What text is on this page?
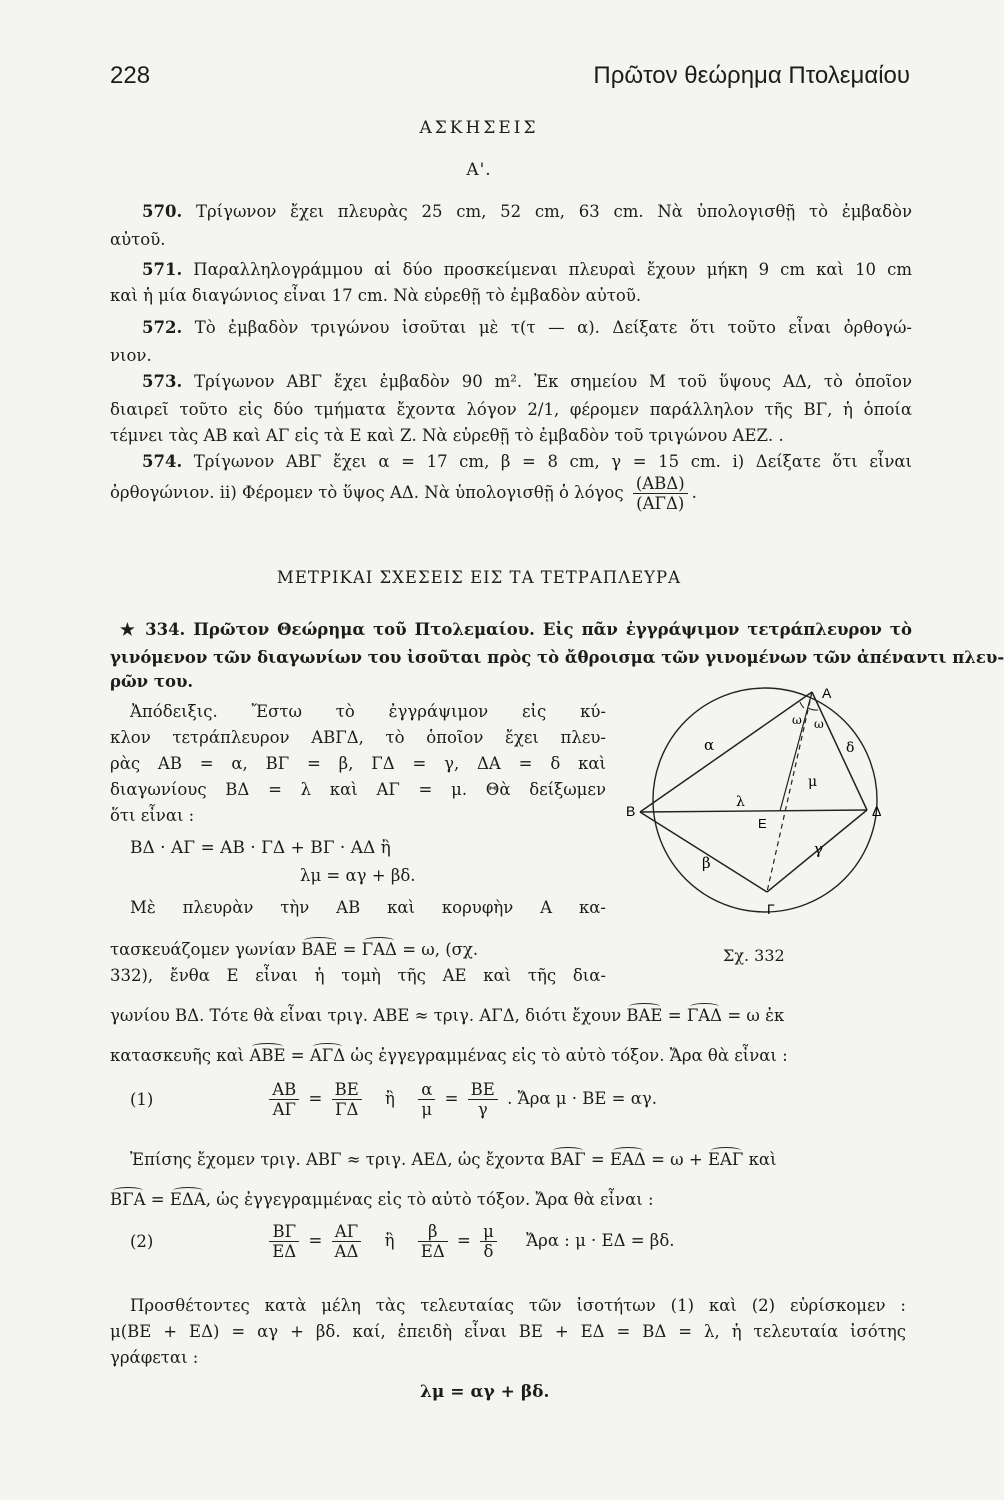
228	Πρῶτον θεώρημα Πτολεμαίου
ΑΣΚΗΣΕΙΣ
Α'.
570. Τρίγωνον ἔχει πλευρὰς 25 cm, 52 cm, 63 cm. Νὰ ὑπολογισθῇ τὸ ἐμβαδὸν
αὐτοῦ.
571. Παραλληλογράμμου αἱ δύο προσκείμεναι πλευραὶ ἔχουν μήκη 9 cm καὶ 10 cm
καὶ ἡ μία διαγώνιος εἶναι 17 cm. Νὰ εὑρεθῇ τὸ ἐμβαδὸν αὐτοῦ.
572. Τὸ ἐμβαδὸν τριγώνου ἰσοῦται μὲ τ(τ — α). Δείξατε ὅτι τοῦτο εἶναι ὀρθογώ-
νιον.
573. Τρίγωνον ΑΒΓ ἔχει ἐμβαδὸν 90 m². Ἐκ σημείου Μ τοῦ ὕψους ΑΔ, τὸ ὁποῖον
διαιρεῖ τοῦτο εἰς δύο τμήματα ἔχοντα λόγον 2/1, φέρομεν παράλληλον τῆς ΒΓ, ἡ ὁποία
τέμνει τὰς ΑΒ καὶ ΑΓ εἰς τὰ Ε καὶ Ζ. Νὰ εὑρεθῇ τὸ ἐμβαδὸν τοῦ τριγώνου ΑΕΖ. .
574. Τρίγωνον ΑΒΓ ἔχει α = 17 cm, β = 8 cm, γ = 15 cm. i) Δείξατε ὅτι εἶναι
ὀρθογώνιον. ii) Φέρομεν τὸ ὕψος ΑΔ. Νὰ ὑπολογισθῇ ὁ λόγος $\frac{\text{(ΑΒΔ)}}{\text{(ΑΓΔ)}}$ .
ΜΕΤΡΙΚΑΙ ΣΧΕΣΕΙΣ ΕΙΣ ΤΑ ΤΕΤΡΑΠΛΕΥΡΑ
★ 334. Πρῶτον Θεώρημα τοῦ Πτολεμαίου. Εἰς πᾶν ἐγγράψιμον τετράπλευρον τὸ
γινόμενον τῶν διαγωνίων του ἰσοῦται πρὸς τὸ ἄθροισμα τῶν γινομένων τῶν ἀπέναντι πλευ-
ρῶν του.
Ἀπόδειξις. Ἔστω τὸ ἐγγράψιμον εἰς κύ-
κλον τετράπλευρον ΑΒΓΔ, τὸ ὁποῖον ἔχει πλευ-
ρὰς ΑΒ = α, ΒΓ = β, ΓΔ = γ, ΔΑ = δ καὶ
διαγωνίους ΒΔ = λ καὶ ΑΓ = μ. Θὰ δείξωμεν
ὅτι εἶναι :
ΒΔ · ΑΓ = ΑΒ · ΓΔ + ΒΓ · ΑΔ ἢ
λμ = αγ + βδ.
Μὲ πλευρὰν τὴν ΑΒ καὶ κορυφὴν Α κα-
τασκευάζομεν γωνίαν ΒΑΕ = ΓΑΔ = ω, (σχ.
332), ἔνθα Ε εἶναι ἡ τομὴ τῆς ΑΕ καὶ τῆς δια-
γωνίου ΒΔ. Τότε θὰ εἶναι τριγ. ΑΒΕ ≈ τριγ. ΑΓΔ, διότι ἔχουν ΒΑΕ = ΓΑΔ = ω ἐκ
κατασκευῆς καὶ ΑΒΕ = ΑΓΔ ὡς ἐγγεγραμμένας εἰς τὸ αὐτὸ τόξον. Ἄρα θὰ εἶναι :
(1)	$\frac{AB}{A\Gamma} = \frac{BE}{\Gamma\Delta}$ ἢ $\frac{\alpha}{\mu} = \frac{BE}{\gamma}$ . Ἄρα μ · ΒΕ = αγ.
Ἐπίσης ἔχομεν τριγ. ΑΒΓ ≈ τριγ. ΑΕΔ, ὡς ἔχοντα ΒΑΓ = ΕΑΔ = ω + ΕΑΓ καὶ
ΒΓΑ = ΕΔΑ, ὡς ἐγγεγραμμένας εἰς τὸ αὐτὸ τόξον. Ἄρα θὰ εἶναι :
(2)	$\frac{B\Gamma}{E\Delta} = \frac{A\Gamma}{A\Delta}$ ἢ $\frac{\beta}{E\Delta} = \frac{\mu}{\delta}$ Ἄρα : μ · ΕΔ = βδ.
Προσθέτοντες κατὰ μέλη τὰς τελευταίας τῶν ἰσοτήτων (1) καὶ (2) εὑρίσκομεν :
μ(ΒΕ + ΕΔ) = αγ + βδ. καί, ἐπειδὴ εἶναι ΒΕ + ΕΔ = ΒΔ = λ, ἡ τελευταία ἰσότης
γράφεται :
λμ = αγ + βδ.
Α
Β
Γ
Δ
Ε
α
β
γ
δ
λ
μ
ω ω
Σχ. 332
